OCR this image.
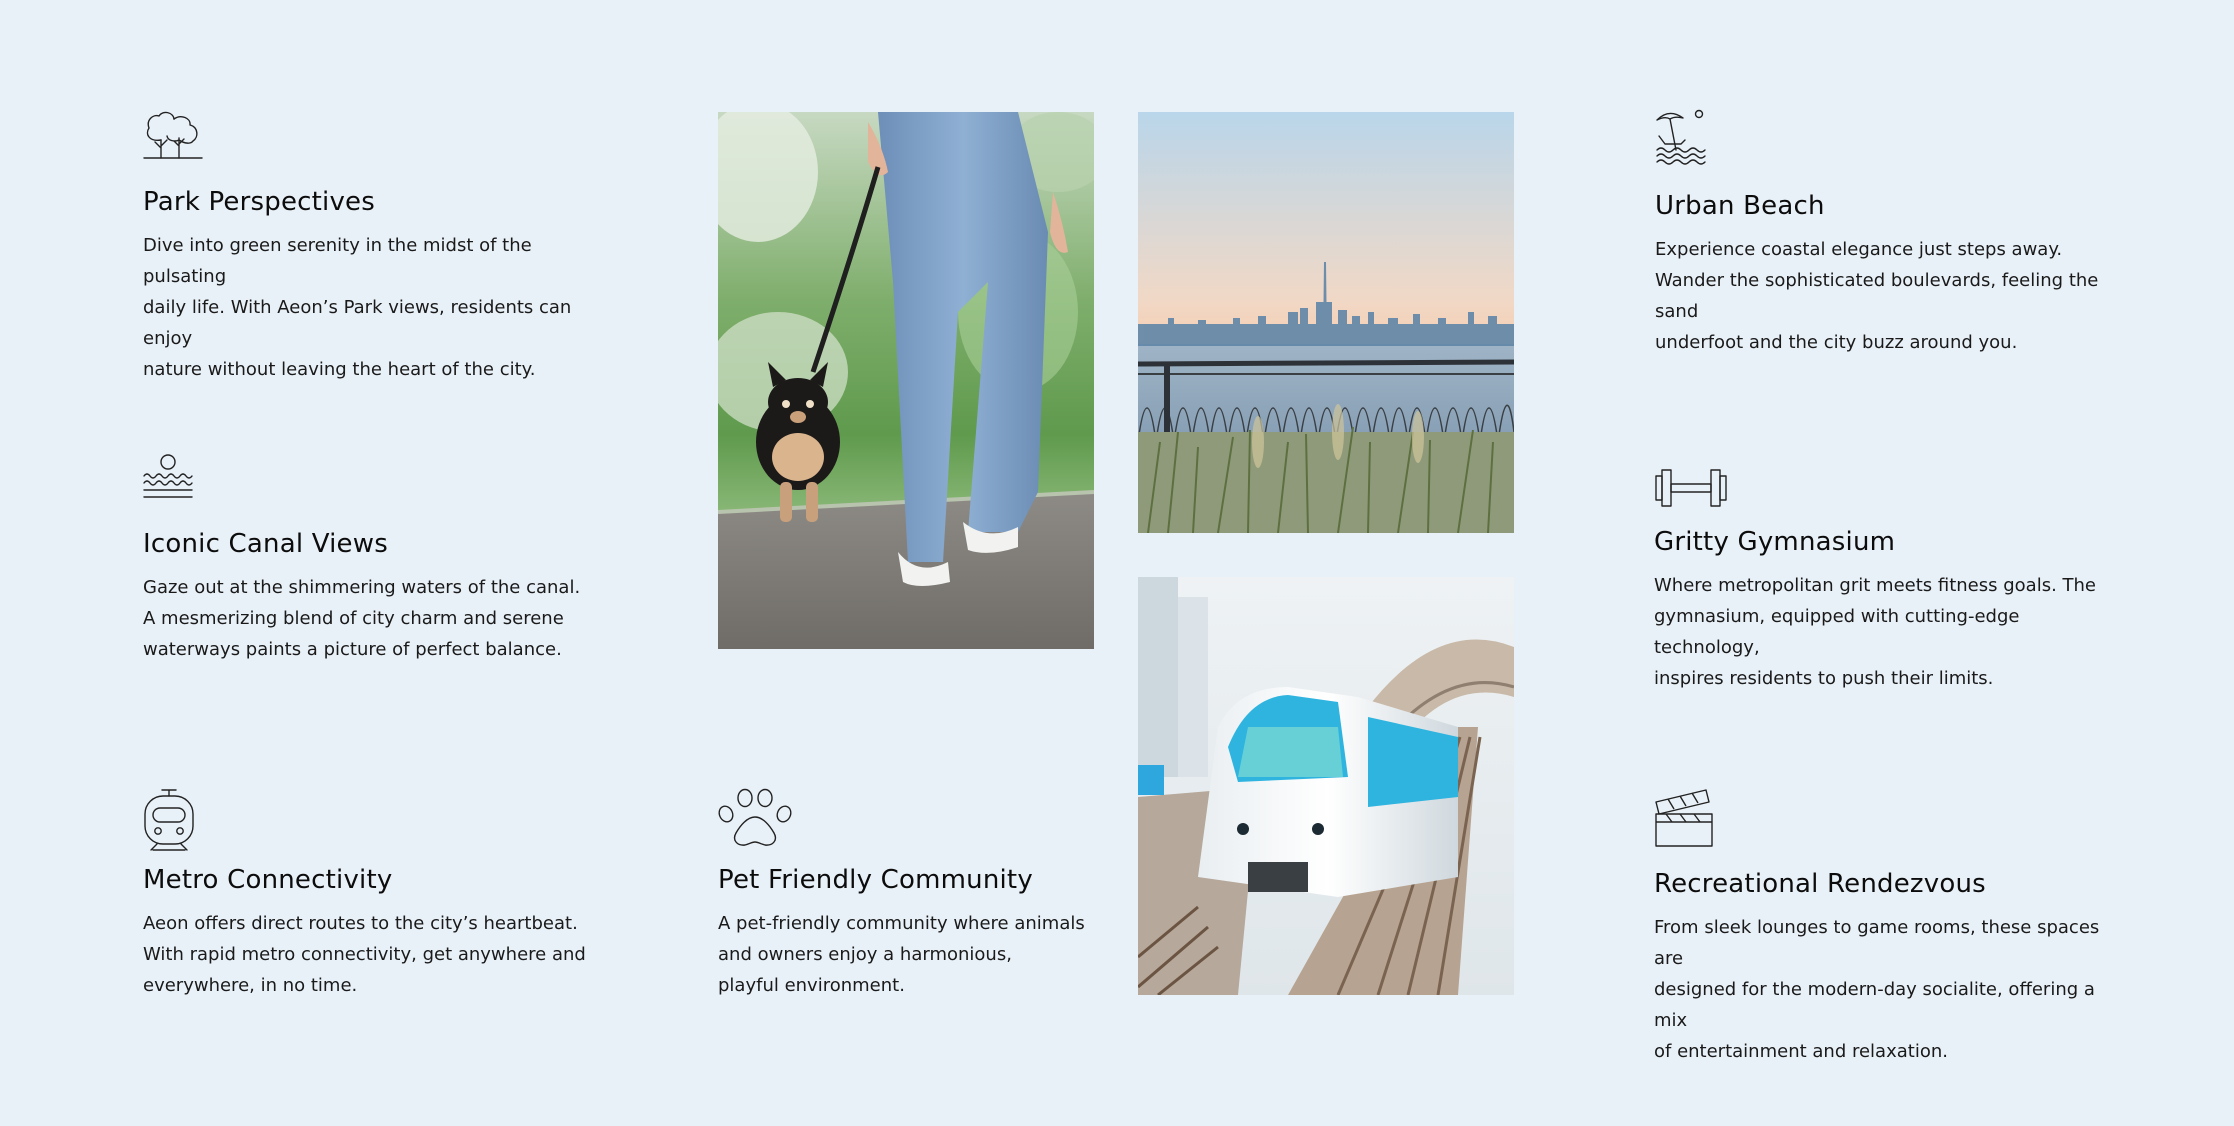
Park Perspectives

Dive into green serenity in the midst of the pulsating
daily life. With Aeon’s Park views, residents can enjoy
nature without leaving the heart of the city.

Iconic Canal Views

Gaze out at the shimmering waters of the canal.
A mesmerizing blend of city charm and serene
waterways paints a picture of perfect balance.

Metro Connectivity

Aeon offers direct routes to the city’s heartbeat.
With rapid metro connectivity, get anywhere and
everywhere, in no time.

Pet Friendly Community

A pet-friendly community where animals
and owners enjoy a harmonious,
playful environment.

Urban Beach

Experience coastal elegance just steps away.
Wander the sophisticated boulevards, feeling the sand
underfoot and the city buzz around you.

Gritty Gymnasium

Where metropolitan grit meets fitness goals. The
gymnasium, equipped with cutting-edge technology,
inspires residents to push their limits.

Recreational Rendezvous

From sleek lounges to game rooms, these spaces are
designed for the modern-day socialite, offering a mix
of entertainment and relaxation.
